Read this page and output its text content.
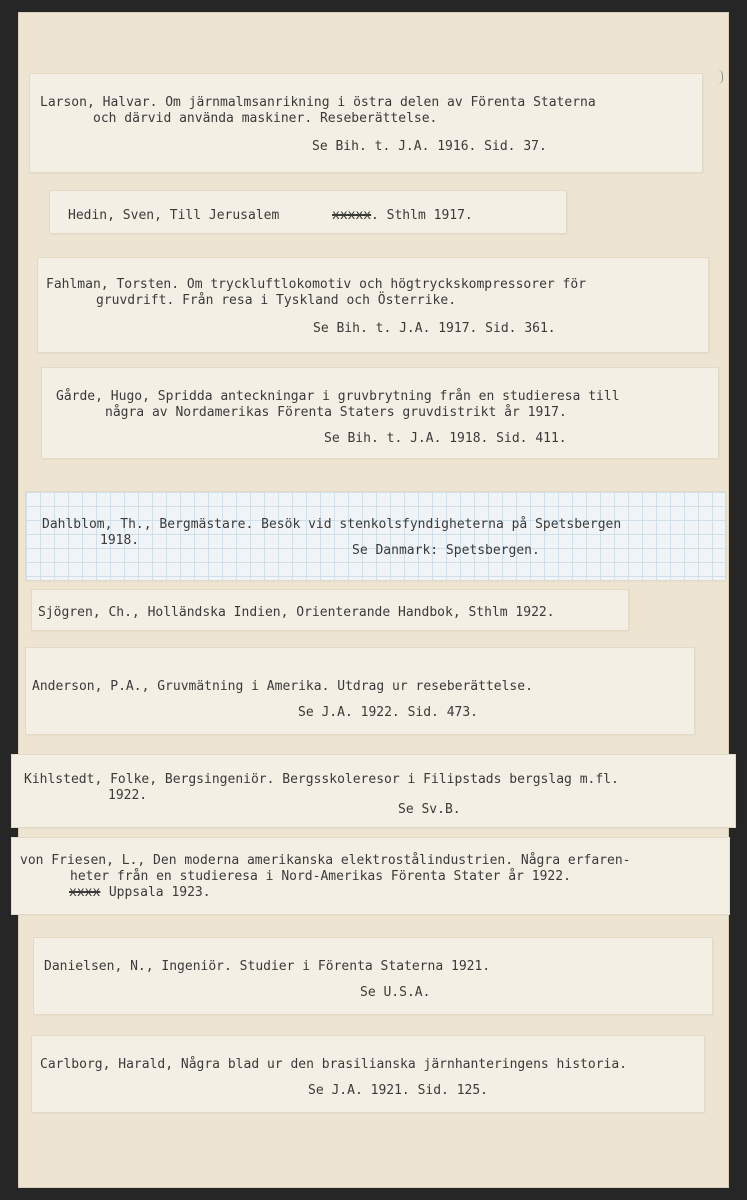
Larson, Halvar. Om järnmalmsanrikning i östra delen av Förenta Staterna

och därvid använda maskiner. Reseberättelse.

Se Bih. t. J.A. 1916. Sid. 37.

Hedin, Sven, Till Jerusalem

	xxxxx

. Sthlm 1917.

Fahlman, Torsten. Om tryckluftlokomotiv och högtryckskompressorer för

gruvdrift. Från resa i Tyskland och Österrike.

Se Bih. t. J.A. 1917. Sid. 361.

Gårde, Hugo, Spridda anteckningar i gruvbrytning från en studieresa till

några av Nordamerikas Förenta Staters gruvdistrikt år 1917.

Se Bih. t. J.A. 1918. Sid. 411.

Dahlblom, Th., Bergmästare. Besök vid stenkolsfyndigheterna på Spetsbergen

1918.

Se Danmark: Spetsbergen.

Sjögren, Ch., Holländska Indien, Orienterande Handbok, Sthlm 1922.

Anderson, P.A., Gruvmätning i Amerika. Utdrag ur reseberättelse.

Se J.A. 1922. Sid. 473.

Kihlstedt, Folke, Bergsingeniör. Bergsskoleresor i Filipstads bergslag m.fl.

1922.

Se Sv.B.

von Friesen, L., Den moderna amerikanska elektrostålindustrien. Några erfaren-

heter från en studieresa i Nord-Amerikas Förenta Stater år 1922.

xxxx

Uppsala 1923.

Danielsen, N., Ingeniör. Studier i Förenta Staterna 1921.

Se U.S.A.

Carlborg, Harald, Några blad ur den brasilianska järnhanteringens historia.

Se J.A. 1921. Sid. 125.
